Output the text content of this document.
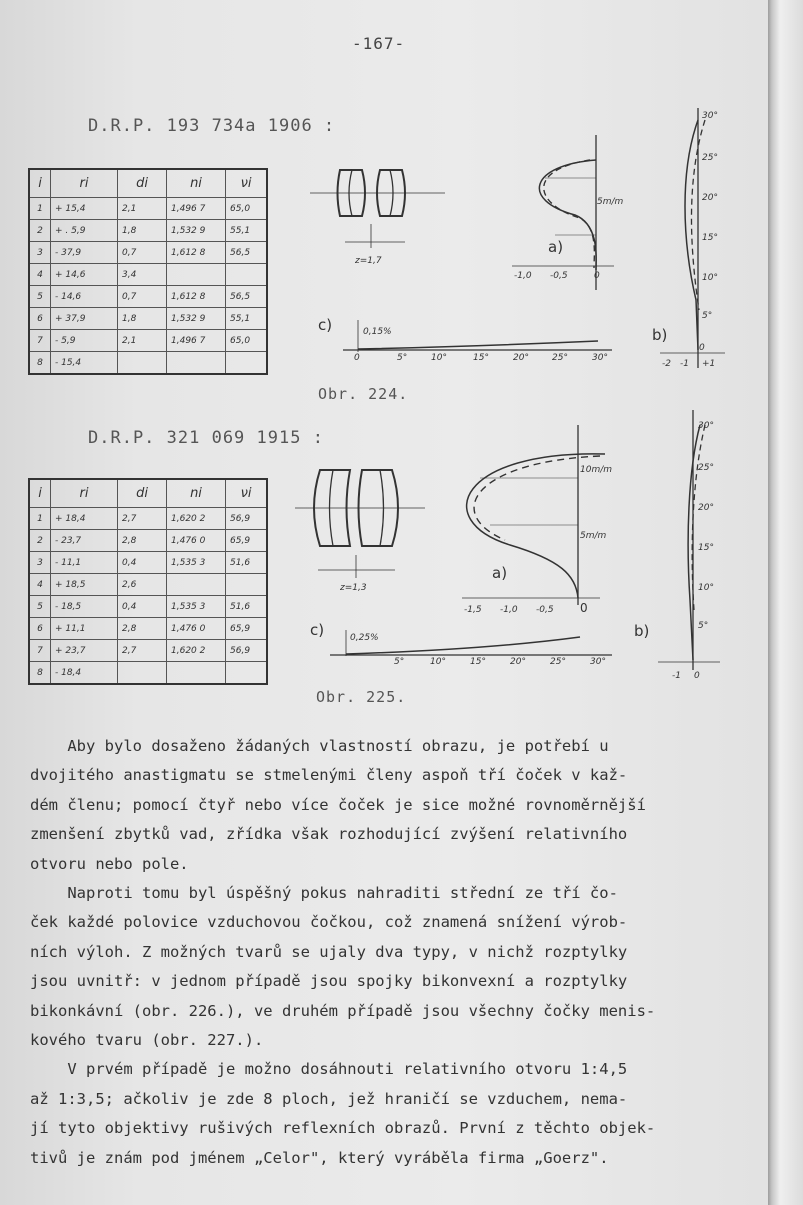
-167-
D.R.P. 193 734a 1906 :
D.R.P. 321 069 1915 :
i	ri	di	ni	νi
1	+ 15,4	2,1	1,496 7	65,0
2	+ . 5,9	1,8	1,532 9	55,1
3	- 37,9	0,7	1,612 8	56,5
4	+ 14,6	3,4		
5	- 14,6	0,7	1,612 8	56,5
6	+ 37,9	1,8	1,532 9	55,1
7	- 5,9	2,1	1,496 7	65,0
8	- 15,4			
i	ri	di	ni	νi
1	+ 18,4	2,7	1,620 2	56,9
2	- 23,7	2,8	1,476 0	65,9
3	- 11,1	0,4	1,535 3	51,6
4	+ 18,5	2,6		
5	- 18,5	0,4	1,535 3	51,6
6	+ 11,1	2,8	1,476 0	65,9
7	+ 23,7	2,7	1,620 2	56,9
8	- 18,4			
z=1,7
z=1,3
5m/m
a)
-1,0 -0,5	0
30°
25°
20°
15°
10°
5°
0
b)
-2 -1 +1
c)	0,15%
0	5°	10°	15°	20°	25°	30°
10m/m
5m/m
a)
-1,5 -1,0 -0,5 0
30°
25°
20°
15°
10°
5°
b)
-1 0
c)	0,25%
5°	10°	15°	20°	25°	30°
Obr. 224.
Obr. 225.

Aby bylo dosaženo žádaných vlastností obrazu, je potřebí u

dvojitého anastigmatu se stmelenými členy aspoň tří čoček v kaž-

dém členu; pomocí čtyř nebo více čoček je sice možné rovnoměrnější

zmenšení zbytků vad, zřídka však rozhodující zvýšení relativního

otvoru nebo pole.

Naproti tomu byl úspěšný pokus nahraditi střední ze tří čo-

ček každé polovice vzduchovou čočkou, což znamená snížení výrob-

ních výloh. Z možných tvarů se ujaly dva typy, v nichž rozptylky

jsou uvnitř: v jednom případě jsou spojky bikonvexní a rozptylky

bikonkávní (obr. 226.), ve druhém případě jsou všechny čočky menis-

kového tvaru (obr. 227.).

V prvém případě je možno dosáhnouti relativního otvoru 1:4,5

až 1:3,5; ačkoliv je zde 8 ploch, jež hraničí se vzduchem, nema-

jí tyto objektivy rušivých reflexních obrazů. První z těchto objek-

tivů je znám pod jménem „Celor", který vyráběla firma „Goerz".
